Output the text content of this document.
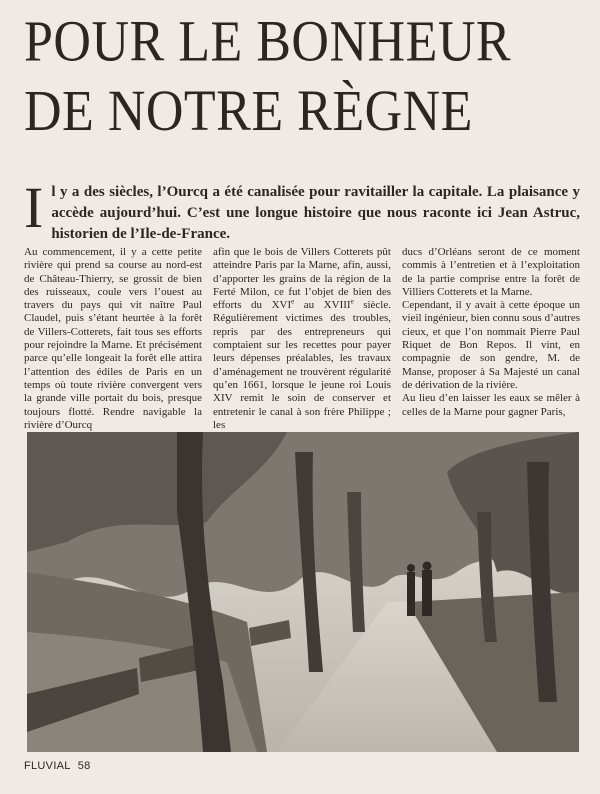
POUR LE BONHEUR
DE NOTRE RÈGNE
I l y a des siècles, l’Ourcq a été canalisée pour ravitailler la capitale. La plaisance y accède aujourd’hui. C’est une longue histoire que nous raconte ici Jean Astruc, historien de l’Ile-de-France.

Au commencement, il y a cette petite rivière qui prend sa course au nord-est de Château-Thierry, se grossit de bien des ruisseaux, coule vers l’ouest au travers du pays qui vit naître Paul Claudel, puis s’étant heurtée à la forêt de Villers-Cotterets, fait tous ses efforts pour rejoindre la Marne. Et précisément parce qu’elle longeait la forêt elle attira l’attention des édiles de Paris en un temps où toute rivière convergent vers la grande ville portait du bois, presque toujours flotté. Rendre navigable la rivière d’Ourcq

afin que le bois de Villers Cotterets pût atteindre Paris par la Marne, afin, aussi, d’apporter les grains de la région de la Ferté Milon, ce fut l’objet de bien des efforts du XVIe au XVIIIe siècle. Régulièrement victimes des troubles, repris par des entrepreneurs qui comptaient sur les recettes pour payer leurs dépenses préalables, les travaux d’aménagement ne trouvèrent régularité qu’en 1661, lorsque le jeune roi Louis XIV remit le soin de conserver et entretenir le canal à son frère Philippe ; les

ducs d’Orléans seront de ce moment commis à l’entretien et à l’exploitation de la partie comprise entre la forêt de Villiers Cotterets et la Marne.

Cependant, il y avait à cette époque un vieil ingénieur, bien connu sous d’autres cieux, et que l’on nommait Pierre Paul Riquet de Bon Repos. Il vint, en compagnie de son gendre, M. de Manse, proposer à Sa Majesté un canal de dérivation de la rivière.

Au lieu d’en laisser les eaux se mêler à celles de la Marne pour gagner Paris,

FLUVIAL 58
